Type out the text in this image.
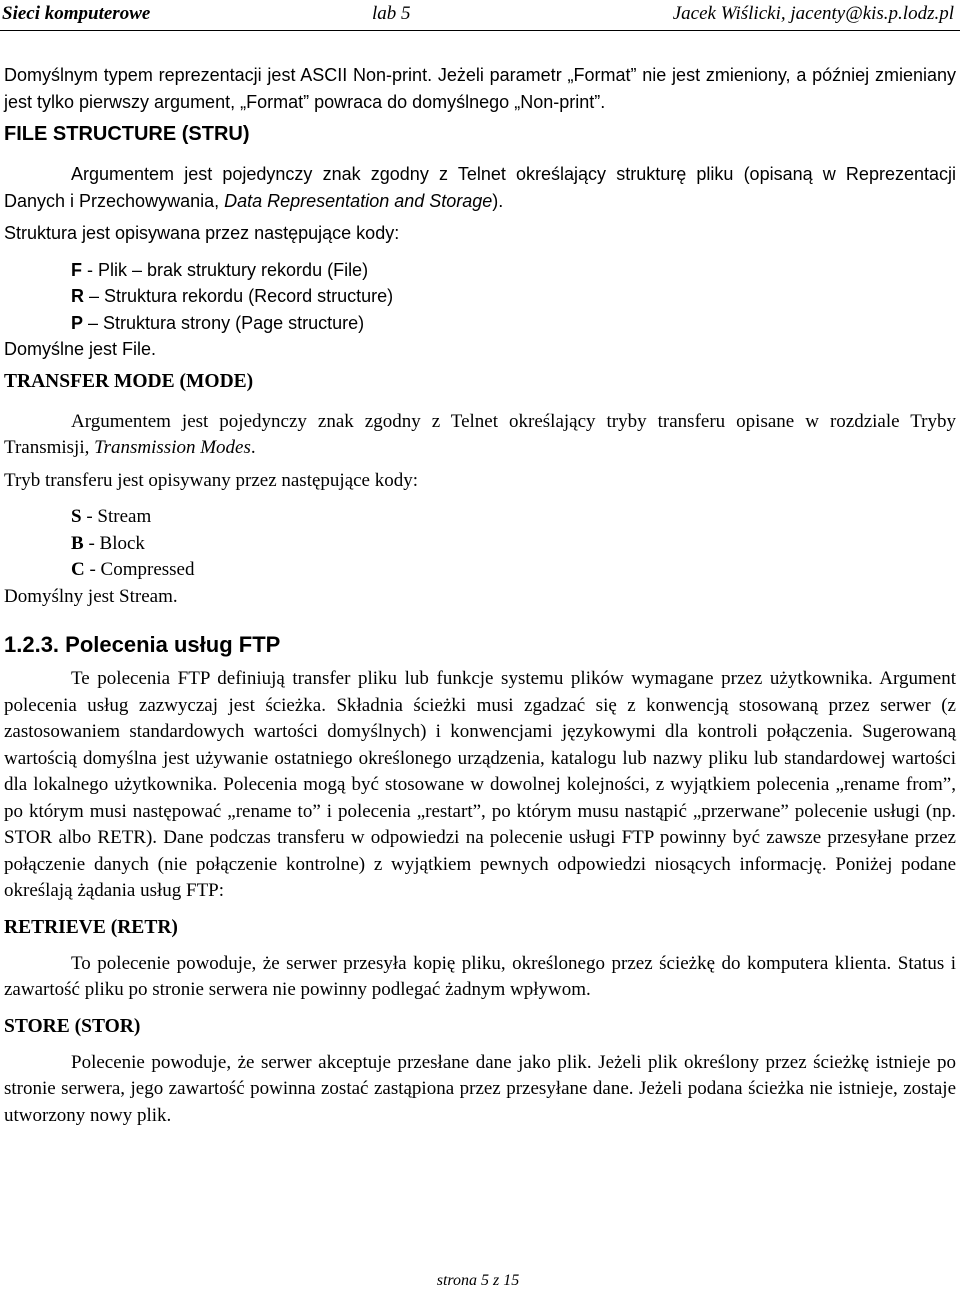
Sieci komputerowe	lab 5	Jacek Wiślicki, jacenty@kis.p.lodz.pl

Domyślnym typem reprezentacji jest ASCII Non-print. Jeżeli parametr „Format” nie jest zmieniony, a później zmieniany jest tylko pierwszy argument, „Format” powraca do domyślnego „Non-print”.

FILE STRUCTURE (STRU)

Argumentem jest pojedynczy znak zgodny z Telnet określający strukturę pliku (opisaną w Reprezentacji Danych i Przechowywania, Data Representation and Storage).

Struktura jest opisywana przez następujące kody:

F - Plik – brak struktury rekordu (File)
R – Struktura rekordu (Record structure)
P – Struktura strony (Page structure)

Domyślne jest File.

TRANSFER MODE (MODE)

Argumentem jest pojedynczy znak zgodny z Telnet określający tryby transferu opisane w rozdziale Tryby Transmisji, Transmission Modes.

Tryb transferu jest opisywany przez następujące kody:

S - Stream
B - Block
C - Compressed

Domyślny jest Stream.

1.2.3. Polecenia usług FTP

Te polecenia FTP definiują transfer pliku lub funkcje systemu plików wymagane przez użytkownika. Argument polecenia usług zazwyczaj jest ścieżka. Składnia ścieżki musi zgadzać się z konwencją stosowaną przez serwer (z zastosowaniem standardowych wartości domyślnych) i konwencjami językowymi dla kontroli połączenia. Sugerowaną wartością domyślna jest używanie ostatniego określonego urządzenia, katalogu lub nazwy pliku lub standardowej wartości dla lokalnego użytkownika. Polecenia mogą być stosowane w dowolnej kolejności, z wyjątkiem polecenia „rename from”, po którym musi następować „rename to” i polecenia „restart”, po którym musu nastąpić „przerwane” polecenie usługi (np. STOR albo RETR). Dane podczas transferu w odpowiedzi na polecenie usługi FTP powinny być zawsze przesyłane przez połączenie danych (nie połączenie kontrolne) z wyjątkiem pewnych odpowiedzi niosących informację. Poniżej podane określają żądania usług FTP:

RETRIEVE (RETR)

To polecenie powoduje, że serwer przesyła kopię pliku, określonego przez ścieżkę do komputera klienta. Status i zawartość pliku po stronie serwera nie powinny podlegać żadnym wpływom.

STORE (STOR)

Polecenie powoduje, że serwer akceptuje przesłane dane jako plik. Jeżeli plik określony przez ścieżkę istnieje po stronie serwera, jego zawartość powinna zostać zastąpiona przez przesyłane dane. Jeżeli podana ścieżka nie istnieje, zostaje utworzony nowy plik.

strona 5 z 15
